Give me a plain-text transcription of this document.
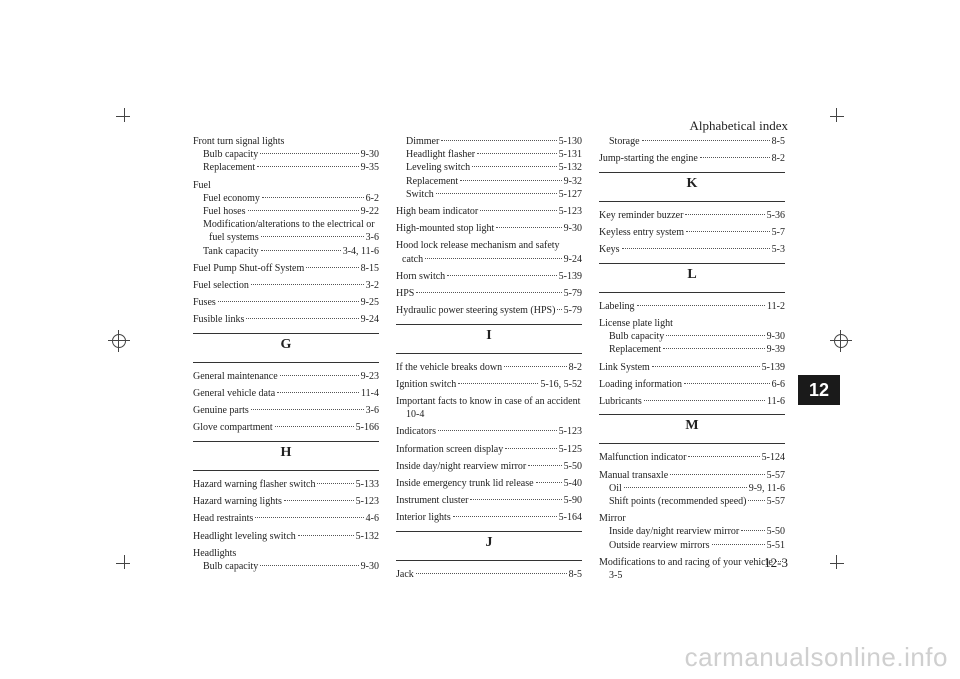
Alphabetical index
12-3
12
Front turn signal lights
Bulb capacity	9-30
Replacement	9-35
Fuel
Fuel economy	6-2
Fuel hoses	9-22
Modification/alterations to the electrical or
fuel systems	3-6
Tank capacity	3-4, 11-6
Fuel Pump Shut-off System	8-15
Fuel selection	3-2
Fuses	9-25
Fusible links	9-24
G
General maintenance	9-23
General vehicle data	11-4
Genuine parts	3-6
Glove compartment	5-166
H
Hazard warning flasher switch	5-133
Hazard warning lights	5-123
Head restraints	4-6
Headlight leveling switch	5-132
Headlights
Bulb capacity	9-30
Dimmer	5-130
Headlight flasher	5-131
Leveling switch	5-132
Replacement	9-32
Switch	5-127
High beam indicator	5-123
High-mounted stop light	9-30
Hood lock release mechanism and safety
catch	9-24
Horn switch	5-139
HPS	5-79
Hydraulic power steering system (HPS) 5-79
I
If the vehicle breaks down	8-2
Ignition switch	5-16, 5-52
Important facts to know in case of an accident
10-4
Indicators	5-123
Information screen display	5-125
Inside day/night rearview mirror	5-50
Inside emergency trunk lid release	5-40
Instrument cluster	5-90
Interior lights	5-164
J
Jack	8-5
Storage	8-5
Jump-starting the engine	8-2
K
Key reminder buzzer	5-36
Keyless entry system	5-7
Keys	5-3
L
Labeling	11-2
License plate light
Bulb capacity	9-30
Replacement	9-39
Link System	5-139
Loading information	6-6
Lubricants	11-6
M
Malfunction indicator	5-124
Manual transaxle	5-57
Oil	9-9, 11-6
Shift points (recommended speed) 5-57
Mirror
Inside day/night rearview mirror	5-50
Outside rearview mirrors	5-51
Modifications to and racing of your vehicle
3-5
carmanualsonline.info
